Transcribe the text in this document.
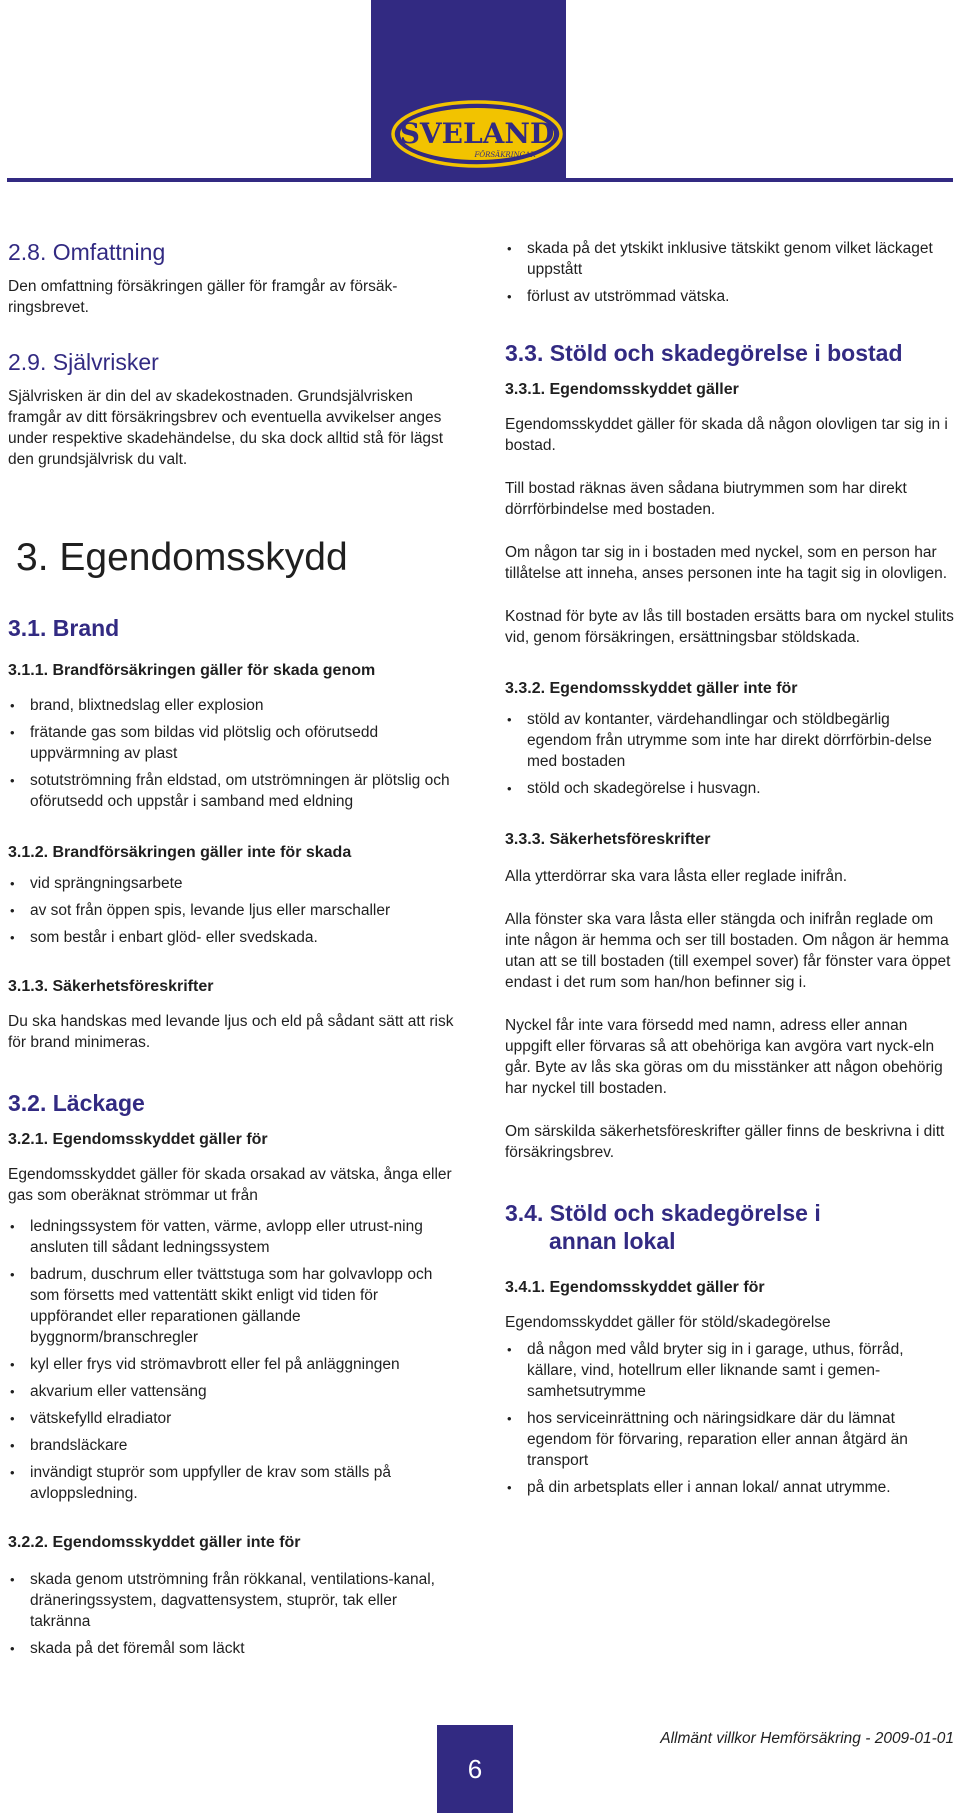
SVELAND
FÖRSÄKRINGAR
2.8. Omfattning

Den omfattning försäkringen gäller för framgår av försäk-ringsbrevet.

2.9. Självrisker

Självrisken är din del av skadekostnaden. Grundsjälvrisken framgår av ditt försäkringsbrev och eventuella avvikelser anges under respektive skadehändelse, du ska dock alltid stå för lägst den grundsjälvrisk du valt.

3. Egendomsskydd
3.1. Brand
3.1.1. Brandförsäkringen gäller för skada genom
• brand, blixtnedslag eller explosion
• frätande gas som bildas vid plötslig och oförutsedd uppvärmning av plast
• sotutströmning från eldstad, om utströmningen är plötslig och oförutsedd och uppstår i samband med eldning
3.1.2. Brandförsäkringen gäller inte för skada
• vid sprängningsarbete
• av sot från öppen spis, levande ljus eller marschaller
• som består i enbart glöd- eller svedskada.
3.1.3. Säkerhetsföreskrifter

Du ska handskas med levande ljus och eld på sådant sätt att risk för brand minimeras.

3.2. Läckage
3.2.1. Egendomsskyddet gäller för

Egendomsskyddet gäller för skada orsakad av vätska, ånga eller gas som oberäknat strömmar ut från

• ledningssystem för vatten, värme, avlopp eller utrust-ning ansluten till sådant ledningssystem
• badrum, duschrum eller tvättstuga som har golvavlopp och som försetts med vattentätt skikt enligt vid tiden för uppförandet eller reparationen gällande byggnorm/branschregler
• kyl eller frys vid strömavbrott eller fel på anläggningen
• akvarium eller vattensäng
• vätskefylld elradiator
• brandsläckare
• invändigt stuprör som uppfyller de krav som ställs på avloppsledning.
3.2.2. Egendomsskyddet gäller inte för
• skada genom utströmning från rökkanal, ventilations-kanal, dräneringssystem, dagvattensystem, stuprör, tak eller takränna
• skada på det föremål som läckt
• skada på det ytskikt inklusive tätskikt genom vilket läckaget uppstått
• förlust av utströmmad vätska.
3.3. Stöld och skadegörelse i bostad
3.3.1. Egendomsskyddet gäller

Egendomsskyddet gäller för skada då någon olovligen tar sig in i bostad.

Till bostad räknas även sådana biutrymmen som har direkt dörrförbindelse med bostaden.

Om någon tar sig in i bostaden med nyckel, som en person har tillåtelse att inneha, anses personen inte ha tagit sig in olovligen.

Kostnad för byte av lås till bostaden ersätts bara om nyckel stulits vid, genom försäkringen, ersättningsbar stöldskada.

3.3.2. Egendomsskyddet gäller inte för
• stöld av kontanter, värdehandlingar och stöldbegärlig egendom från utrymme som inte har direkt dörrförbin-delse med bostaden
• stöld och skadegörelse i husvagn.
3.3.3. Säkerhetsföreskrifter

Alla ytterdörrar ska vara låsta eller reglade inifrån.

Alla fönster ska vara låsta eller stängda och inifrån reglade om inte någon är hemma och ser till bostaden. Om någon är hemma utan att se till bostaden (till exempel sover) får fönster vara öppet endast i det rum som han/hon befinner sig i.

Nyckel får inte vara försedd med namn, adress eller annan uppgift eller förvaras så att obehöriga kan avgöra vart nyck-eln går. Byte av lås ska göras om du misstänker att någon obehörig har nyckel till bostaden.

Om särskilda säkerhetsföreskrifter gäller finns de beskrivna i ditt försäkringsbrev.

3.4. Stöld och skadegörelse i
annan lokal
3.4.1. Egendomsskyddet gäller för

Egendomsskyddet gäller för stöld/skadegörelse

• då någon med våld bryter sig in i garage, uthus, förråd, källare, vind, hotellrum eller liknande samt i gemen-samhetsutrymme
• hos serviceinrättning och näringsidkare där du lämnat egendom för förvaring, reparation eller annan åtgärd än transport
• på din arbetsplats eller i annan lokal/ annat utrymme.
6
Allmänt villkor Hemförsäkring - 2009-01-01
